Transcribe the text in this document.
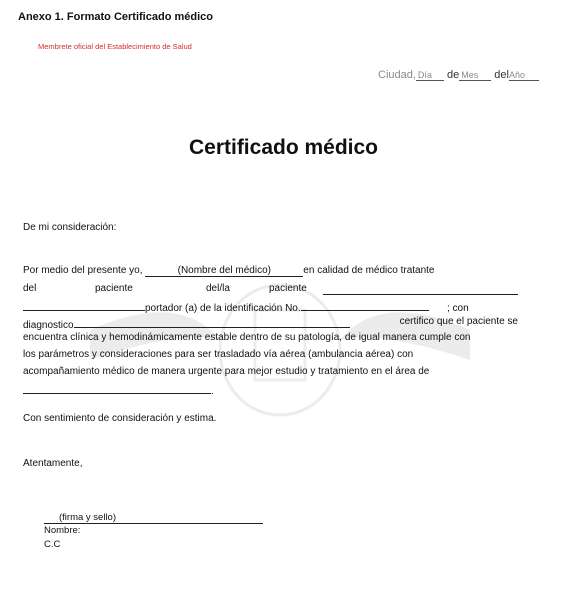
Anexo 1. Formato Certificado médico
Membrete oficial del Establecimiento de Salud
Ciudad, Día de Mes delAño
Certificado médico
De mi consideración:
Por medio del presente yo,	(Nombre del médico)	en calidad de médico tratante
del	paciente	del/la	paciente
portador (a) de la identificación No.	; con
diagnostico	certifico que el paciente se
encuentra clínica y hemodinámicamente estable dentro de su patología, de igual manera cumple con
los parámetros y consideraciones para ser trasladado vía aérea (ambulancia aérea) con
acompañamiento médico de manera urgente para mejor estudio y tratamiento en el área de
.
Con sentimiento de consideración y estima.
Atentamente,
(firma y sello)
Nombre:
C.C
